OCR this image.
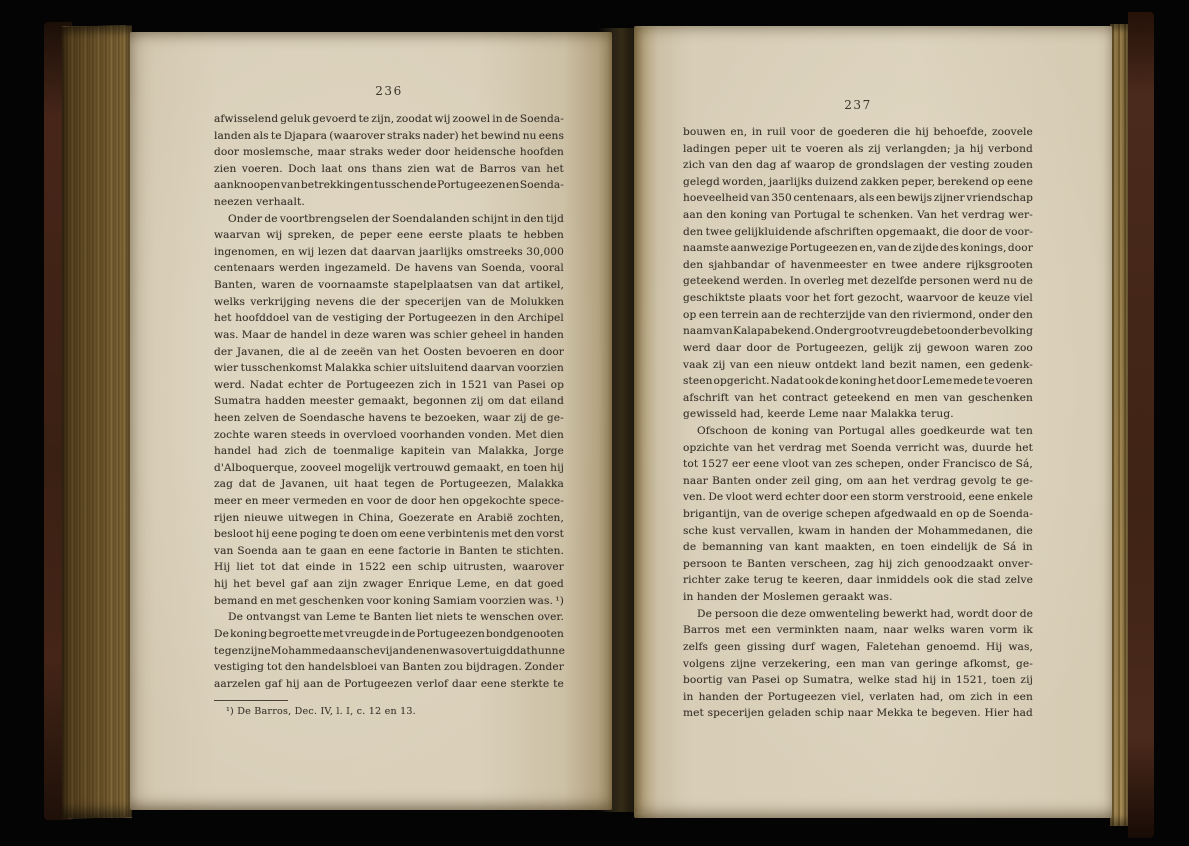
236
afwisselend geluk gevoerd te zijn, zoodat wij zoowel in de Soenda-
landen als te Djapara (waarover straks nader) het bewind nu eens
door moslemsche, maar straks weder door heidensche hoofden
zien voeren. Doch laat ons thans zien wat de Barros van het
aanknoopen van betrekkingen tusschen de Portugeezen en Soenda-
neezen verhaalt.
Onder de voortbrengselen der Soendalanden schijnt in den tijd
waarvan wij spreken, de peper eene eerste plaats te hebben
ingenomen, en wij lezen dat daarvan jaarlijks omstreeks 30,000
centenaars werden ingezameld. De havens van Soenda, vooral
Banten, waren de voornaamste stapelplaatsen van dat artikel,
welks verkrijging nevens die der specerijen van de Molukken
het hoofddoel van de vestiging der Portugeezen in den Archipel
was. Maar de handel in deze waren was schier geheel in handen
der Javanen, die al de zeeën van het Oosten bevoeren en door
wier tusschenkomst Malakka schier uitsluitend daarvan voorzien
werd. Nadat echter de Portugeezen zich in 1521 van Pasei op
Sumatra hadden meester gemaakt, begonnen zij om dat eiland
heen zelven de Soendasche havens te bezoeken, waar zij de ge-
zochte waren steeds in overvloed voorhanden vonden. Met dien
handel had zich de toenmalige kapitein van Malakka, Jorge
d'Alboquerque, zooveel mogelijk vertrouwd gemaakt, en toen hij
zag dat de Javanen, uit haat tegen de Portugeezen, Malakka
meer en meer vermeden en voor de door hen opgekochte spece-
rijen nieuwe uitwegen in China, Goezerate en Arabië zochten,
besloot hij eene poging te doen om eene verbintenis met den vorst
van Soenda aan te gaan en eene factorie in Banten te stichten.
Hij liet tot dat einde in 1522 een schip uitrusten, waarover
hij het bevel gaf aan zijn zwager Enrique Leme, en dat goed
bemand en met geschenken voor koning Samiam voorzien was. ¹)
De ontvangst van Leme te Banten liet niets te wenschen over.
De koning begroette met vreugde in de Portugeezen bondgenooten
tegen zijne Mohammedaansche vijanden en was overtuigd dat hunne
vestiging tot den handelsbloei van Banten zou bijdragen. Zonder
aarzelen gaf hij aan de Portugeezen verlof daar eene sterkte te
¹) De Barros, Dec. IV, l. I, c. 12 en 13.
237
bouwen en, in ruil voor de goederen die hij behoefde, zoovele
ladingen peper uit te voeren als zij verlangden; ja hij verbond
zich van den dag af waarop de grondslagen der vesting zouden
gelegd worden, jaarlijks duizend zakken peper, berekend op eene
hoeveelheid van 350 centenaars, als een bewijs zijner vriendschap
aan den koning van Portugal te schenken. Van het verdrag wer-
den twee gelijkluidende afschriften opgemaakt, die door de voor-
naamste aanwezige Portugeezen en, van de zijde des konings, door
den sjahbandar of havenmeester en twee andere rijksgrooten
geteekend werden. In overleg met dezelfde personen werd nu de
geschiktste plaats voor het fort gezocht, waarvoor de keuze viel
op een terrein aan de rechterzijde van den riviermond, onder den
naam van Kalapa bekend. Onder groot vreugdebetoon der bevolking
werd daar door de Portugeezen, gelijk zij gewoon waren zoo
vaak zij van een nieuw ontdekt land bezit namen, een gedenk-
steen opgericht. Nadat ook de koning het door Leme mede te voeren
afschrift van het contract geteekend en men van geschenken
gewisseld had, keerde Leme naar Malakka terug.
Ofschoon de koning van Portugal alles goedkeurde wat ten
opzichte van het verdrag met Soenda verricht was, duurde het
tot 1527 eer eene vloot van zes schepen, onder Francisco de Sá,
naar Banten onder zeil ging, om aan het verdrag gevolg te ge-
ven. De vloot werd echter door een storm verstrooid, eene enkele
brigantijn, van de overige schepen afgedwaald en op de Soenda-
sche kust vervallen, kwam in handen der Mohammedanen, die
de bemanning van kant maakten, en toen eindelijk de Sá in
persoon te Banten verscheen, zag hij zich genoodzaakt onver-
richter zake terug te keeren, daar inmiddels ook die stad zelve
in handen der Moslemen geraakt was.
De persoon die deze omwenteling bewerkt had, wordt door de
Barros met een verminkten naam, naar welks waren vorm ik
zelfs geen gissing durf wagen, Faletehan genoemd. Hij was,
volgens zijne verzekering, een man van geringe afkomst, ge-
boortig van Pasei op Sumatra, welke stad hij in 1521, toen zij
in handen der Portugeezen viel, verlaten had, om zich in een
met specerijen geladen schip naar Mekka te begeven. Hier had
